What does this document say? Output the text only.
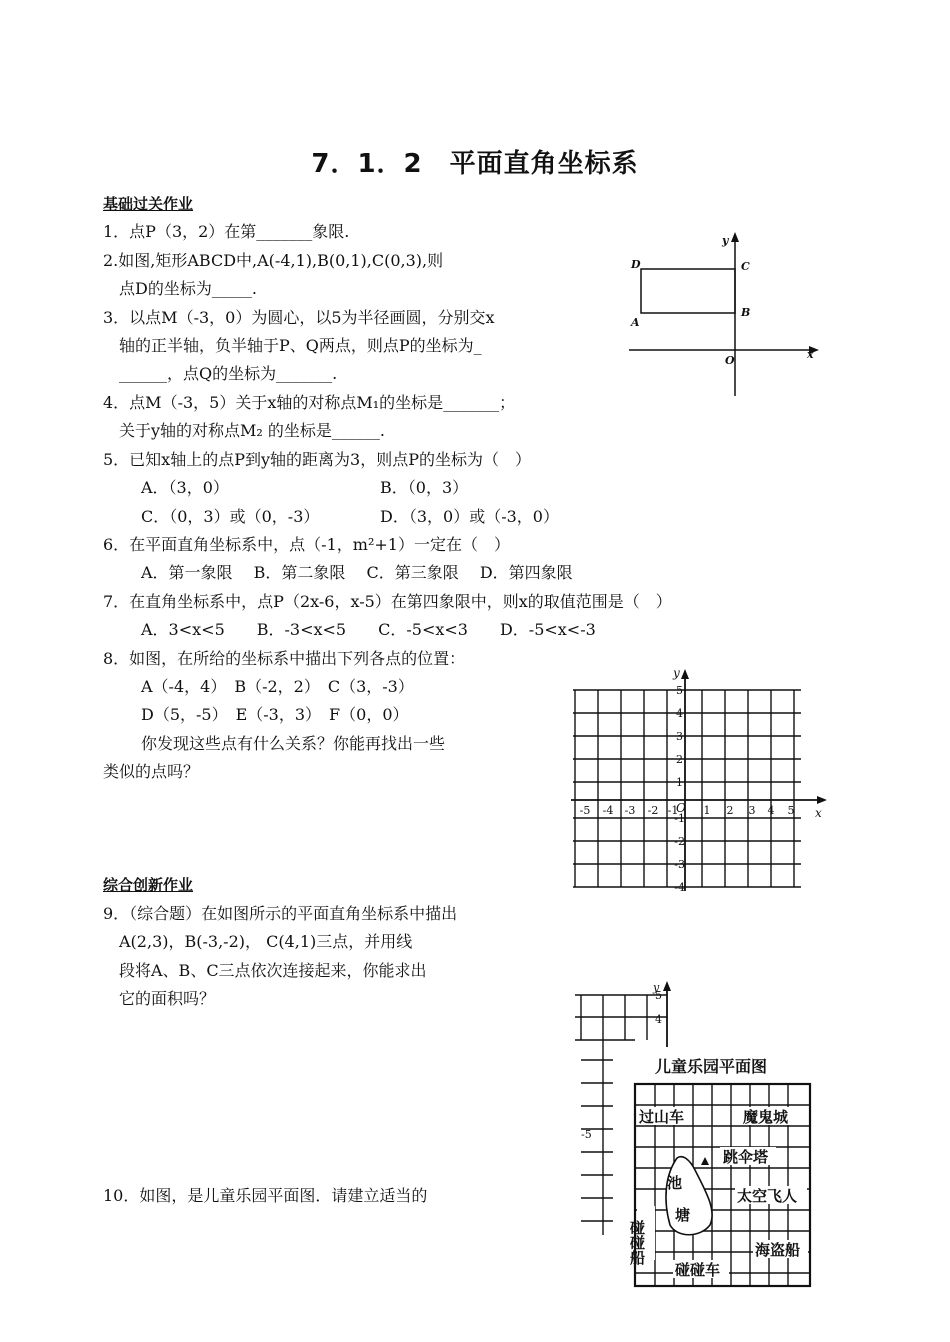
7．1．2　平面直角坐标系
基础过关作业
1．点P（3，2）在第_______象限.
2.如图,矩形ABCD中,A(-4,1),B(0,1),C(0,3),则
点D的坐标为_____.
3．以点M（-3，0）为圆心，以5为半径画圆，分别交x
轴的正半轴，负半轴于P、Q两点，则点P的坐标为_
______，点Q的坐标为_______.
4．点M（-3，5）关于x轴的对称点M₁的坐标是_______；
关于y轴的对称点M₂ 的坐标是______.
5．已知x轴上的点P到y轴的距离为3，则点P的坐标为（　）
A．（3，0）	B．（0，3）
C．（0，3）或（0，-3）	D．（3，0）或（-3，0）
6．在平面直角坐标系中，点（-1，m²+1）一定在（　）
A．第一象限　 B．第二象限　 C．第三象限　 D．第四象限
7．在直角坐标系中，点P（2x-6，x-5）在第四象限中，则x的取值范围是（　）
A．3<x<5　　B．-3<x<5　　C．-5<x<3　　D．-5<x<-3
8．如图，在所给的坐标系中描出下列各点的位置：
A（-4，4）　B（-2，2）　C（3，-3）
D（5，-5）　E（-3，3）　F（0，0）
你发现这些点有什么关系？你能再找出一些
类似的点吗？
综合创新作业
9．（综合题）在如图所示的平面直角坐标系中描出
A(2,3)，B(-3,-2)， C(4,1)三点，并用线
段将A、B、C三点依次连接起来，你能求出
它的面积吗？
10．如图，是儿童乐园平面图．请建立适当的
y
D	C
A
B
O	x
-5 -4 -3 -2 -1 1 2 3 4 5
5
4
3
2
1
-1
-2
-3
-4
y
x
O
y
5
4
-5
儿童乐园平面图
过山车	魔鬼城
跳伞塔
池
塘
太空飞人
碰碰船	海盗船
碰碰车
